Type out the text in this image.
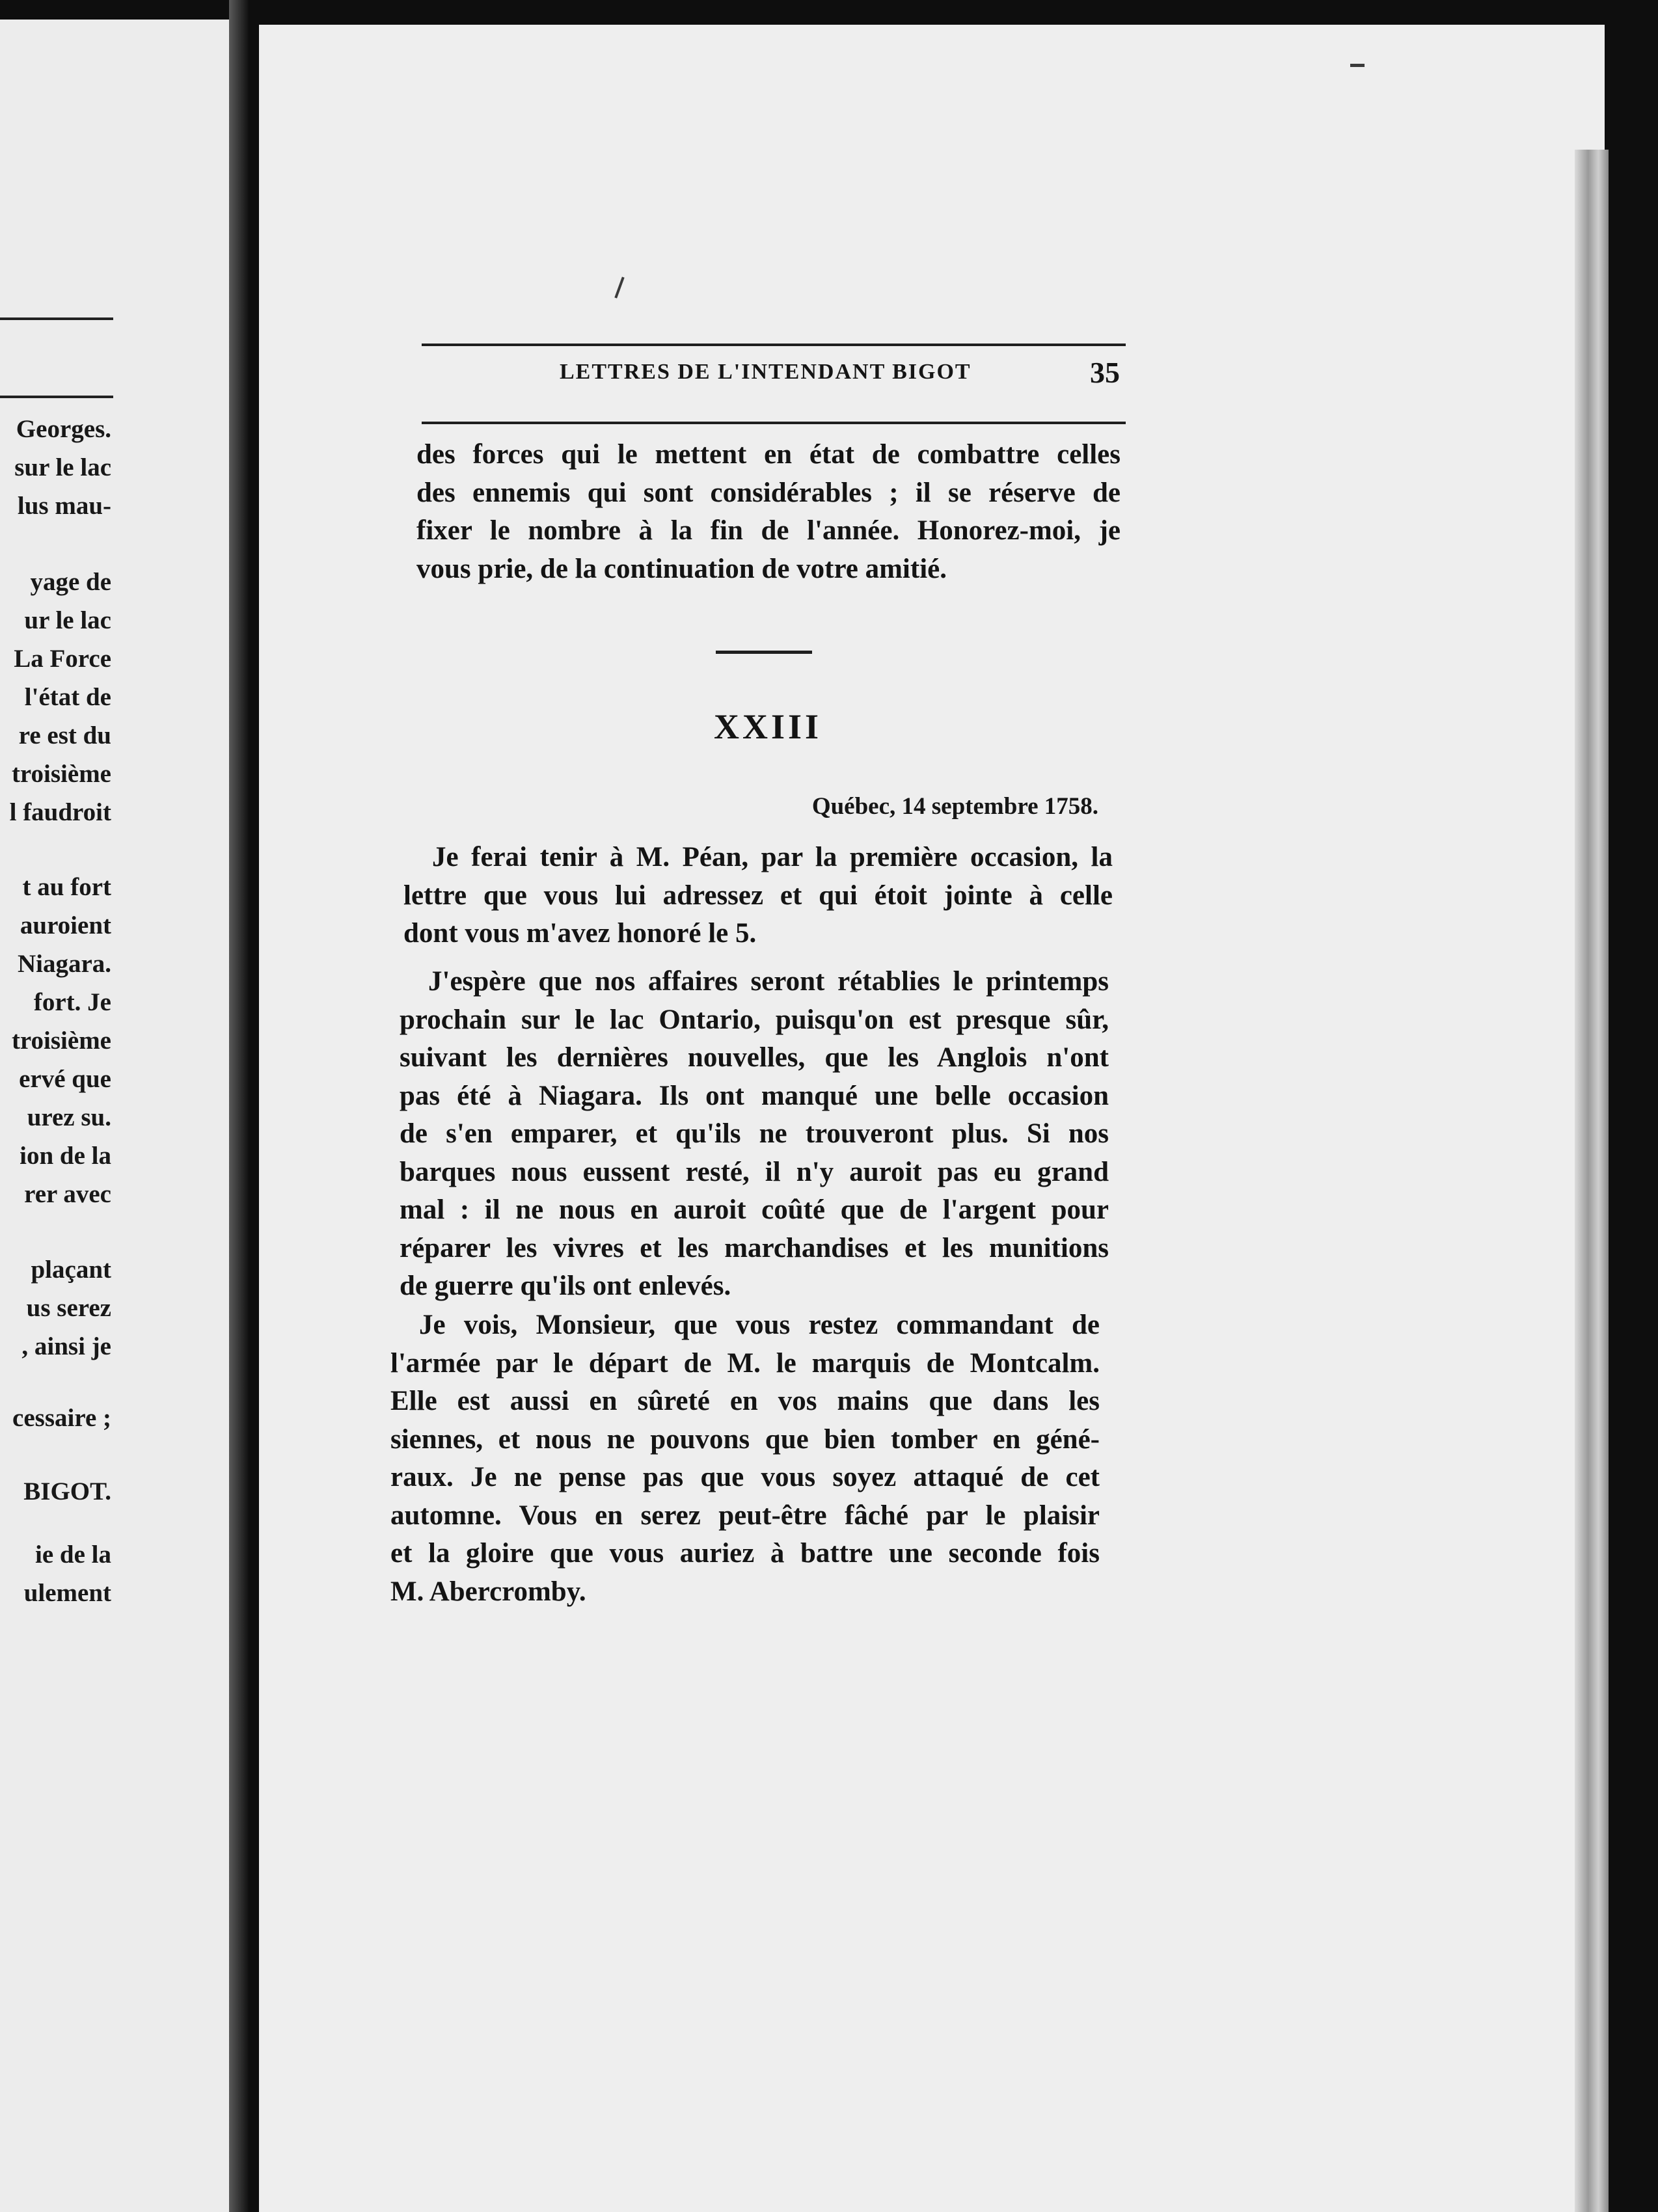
Georges.

sur le lac

lus mau-

yage de

ur le lac

La Force

l'état de

re est du

troisième

l faudroit

t au fort

auroient

Niagara.

fort. Je

troisième

ervé que

urez su.

ion de la

rer avec

plaçant

us serez

, ainsi je

cessaire ;

BIGOT.

ie de la

ulement

LETTRES DE L'INTENDANT BIGOT	35
des forces qui le mettent en état de combattre celles
des ennemis qui sont considérables ; il se réserve de
fixer le nombre à la fin de l'année. Honorez-moi, je
vous prie, de la continuation de votre amitié.
XXIII
Québec, 14 septembre 1758.
Je ferai tenir à M. Péan, par la première occasion, la
lettre que vous lui adressez et qui étoit jointe à celle
dont vous m'avez honoré le 5.
J'espère que nos affaires seront rétablies le printemps
prochain sur le lac Ontario, puisqu'on est presque sûr,
suivant les dernières nouvelles, que les Anglois n'ont
pas été à Niagara. Ils ont manqué une belle occasion
de s'en emparer, et qu'ils ne trouveront plus. Si nos
barques nous eussent resté, il n'y auroit pas eu grand
mal : il ne nous en auroit coûté que de l'argent pour
réparer les vivres et les marchandises et les munitions
de guerre qu'ils ont enlevés.
Je vois, Monsieur, que vous restez commandant de
l'armée par le départ de M. le marquis de Montcalm.
Elle est aussi en sûreté en vos mains que dans les
siennes, et nous ne pouvons que bien tomber en géné-
raux. Je ne pense pas que vous soyez attaqué de cet
automne. Vous en serez peut-être fâché par le plaisir
et la gloire que vous auriez à battre une seconde fois
M. Abercromby.
